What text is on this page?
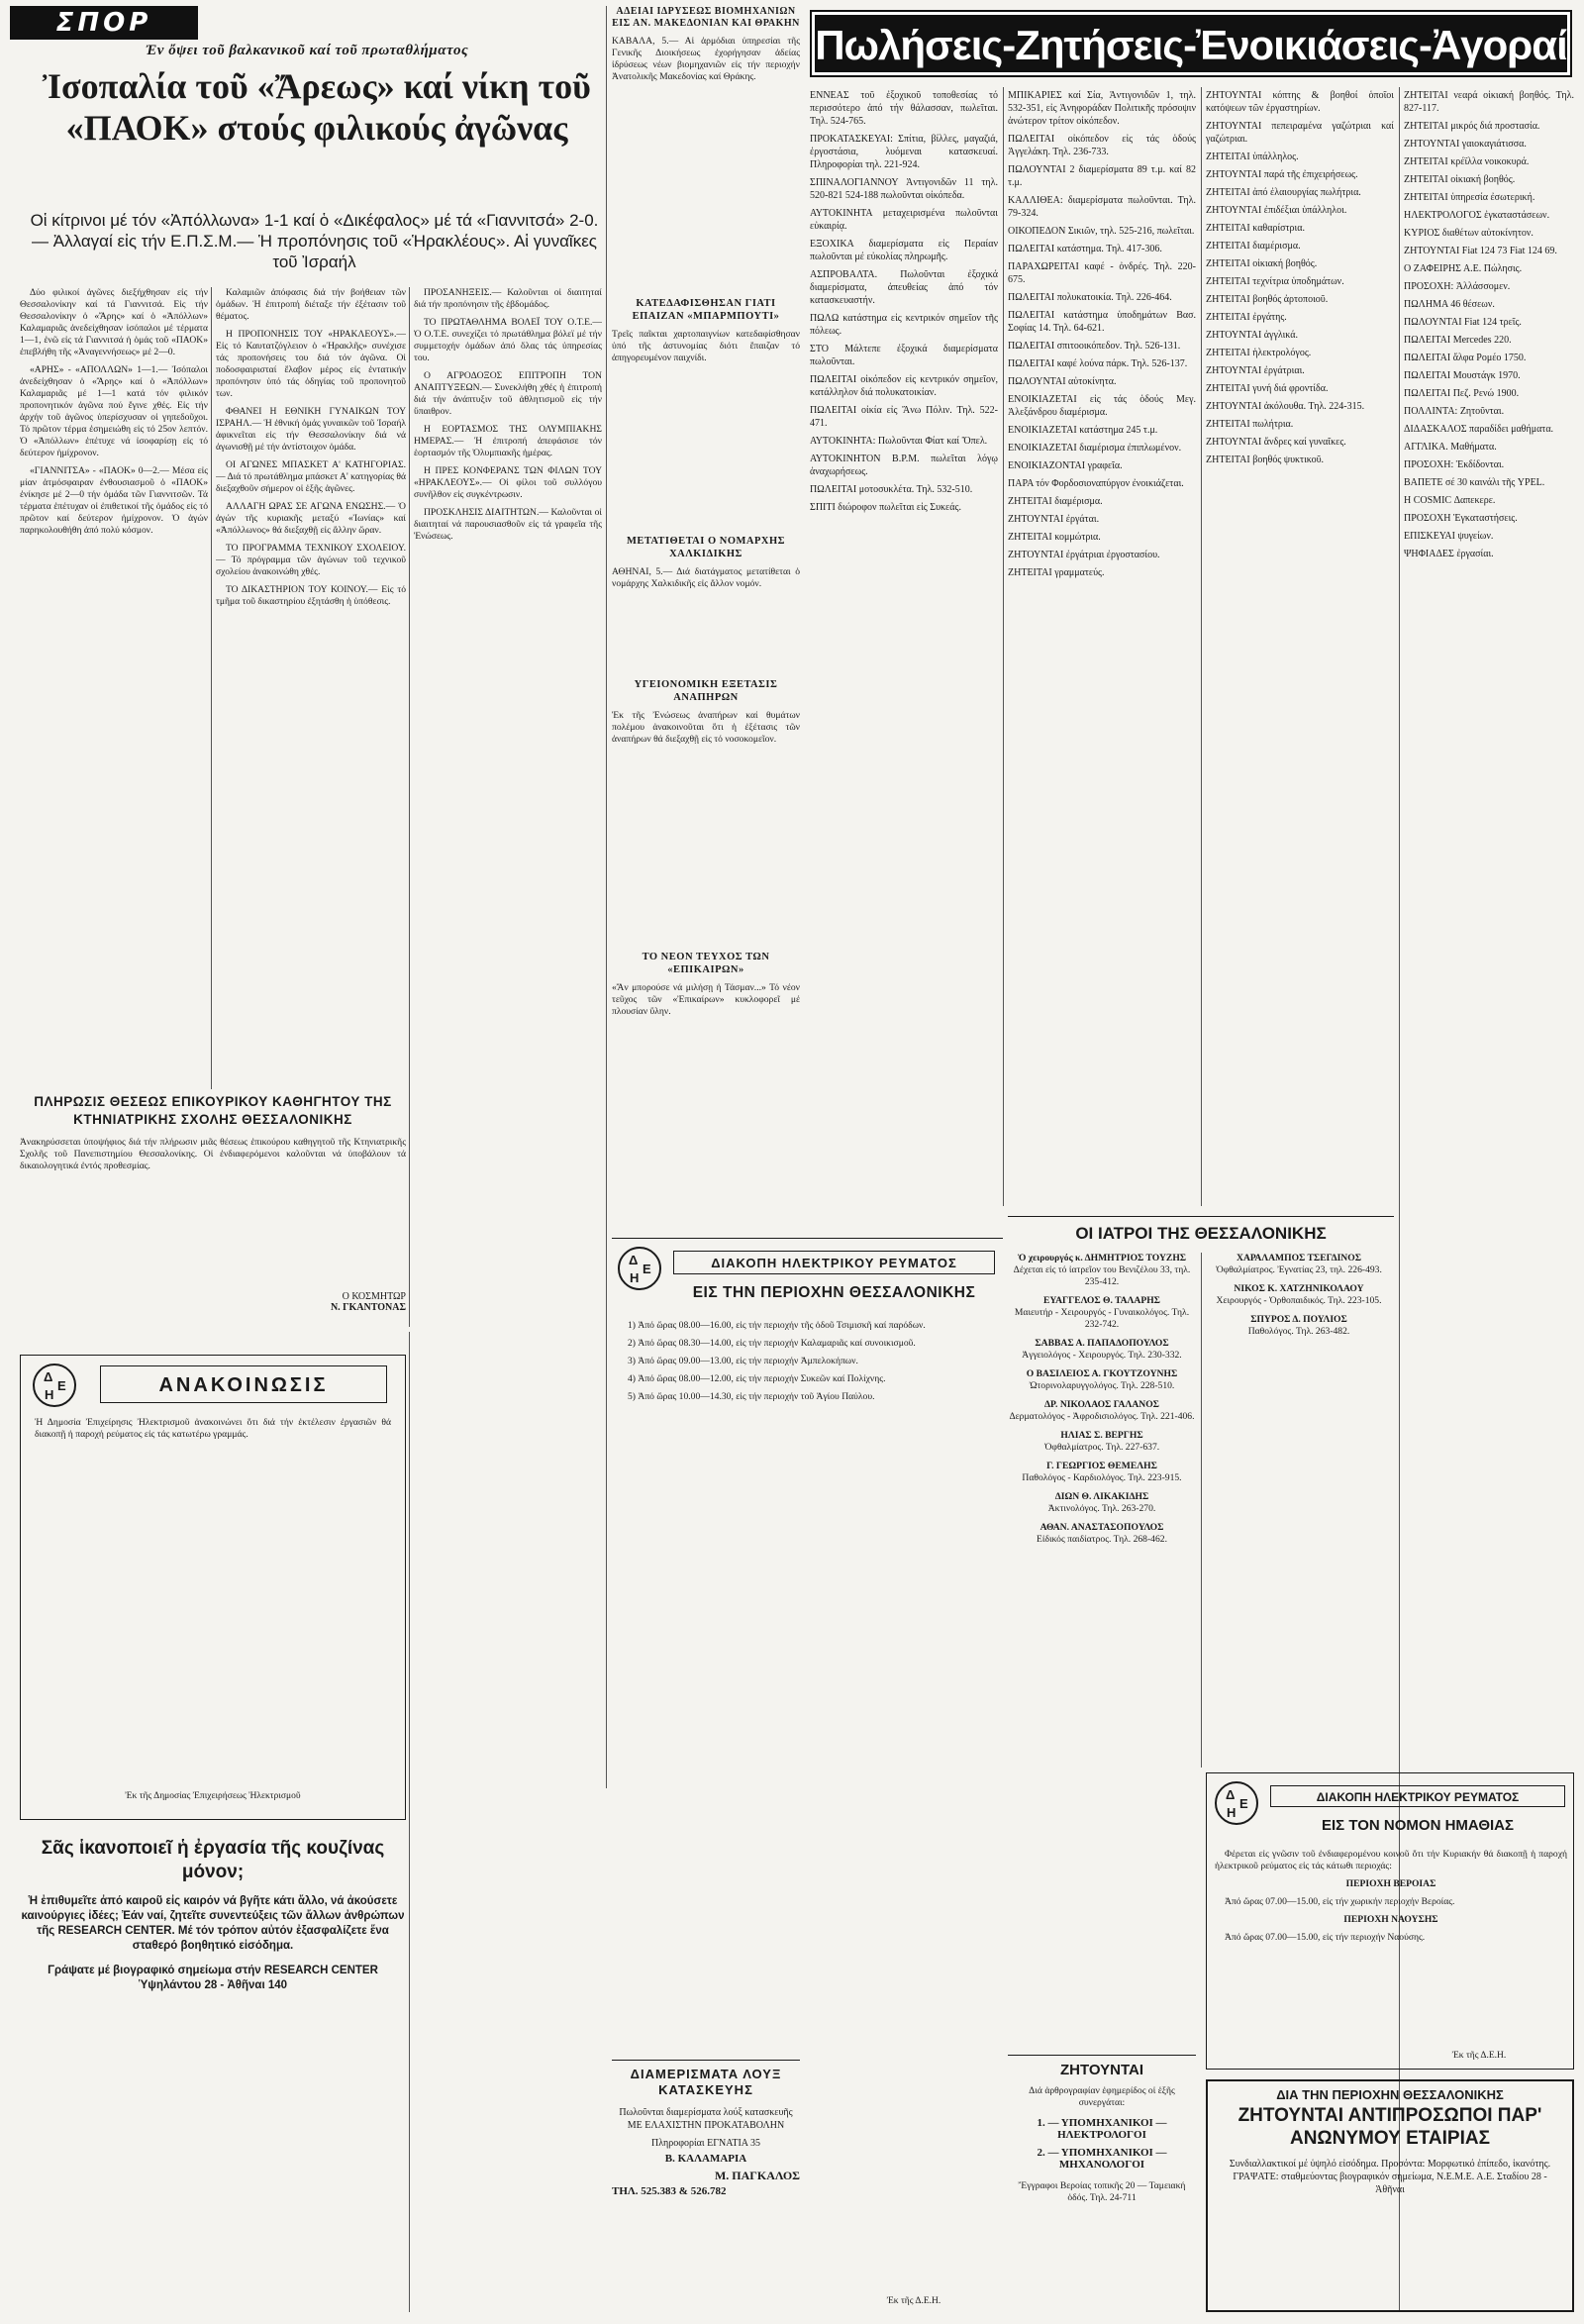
ΣΠΟΡ
Ἐν ὄψει τοῦ βαλκανικοῦ καί τοῦ πρωταθλήματος
Ἰσοπαλία τοῦ «Ἄρεως» καί νίκη τοῦ «ΠΑΟΚ» στούς φιλικούς ἀγῶνας
Οἱ κίτρινοι μέ τόν «Ἀπόλλωνα» 1-1 καί ὁ «Δικέφαλος» μέ τά «Γιαννιτσά» 2-0.— Ἀλλαγαί εἰς τήν Ε.Π.Σ.Μ.— Ἡ προπόνησις τοῦ «Ἡρακλέους». Αἱ γυναῖκες τοῦ Ἰσραήλ

Δύο φιλικοί ἀγῶνες διεξήχθησαν εἰς τήν Θεσσαλονίκην καί τά Γιαννιτσά. Εἰς τήν Θεσσαλονίκην ὁ «Ἄρης» καί ὁ «Ἀπόλλων» Καλαμαριᾶς ἀνεδείχθησαν ἰσόπαλοι μέ τέρματα 1—1, ἐνῶ εἰς τά Γιαννιτσά ἡ ὁμάς τοῦ «ΠΑΟΚ» ἐπεβλήθη τῆς «Ἀναγεννήσεως» μέ 2—0.

«ΑΡΗΣ» - «ΑΠΟΛΛΩΝ» 1—1.— Ἰσόπαλοι ἀνεδείχθησαν ὁ «Ἄρης» καί ὁ «Ἀπόλλων» Καλαμαριᾶς μέ 1—1 κατά τόν φιλικόν προπονητικόν ἀγῶνα πού ἔγινε χθές. Εἰς τήν ἀρχήν τοῦ ἀγῶνος ὑπερίσχυσαν οἱ γηπεδοῦχοι. Τό πρῶτον τέρμα ἐσημειώθη εἰς τό 25ον λεπτόν. Ὁ «Ἀπόλλων» ἐπέτυχε νά ἰσοφαρίσῃ εἰς τό δεύτερον ἡμίχρονον.

«ΓΙΑΝΝΙΤΣΑ» - «ΠΑΟΚ» 0—2.— Μέσα εἰς μίαν ἀτμόσφαιραν ἐνθουσιασμοῦ ὁ «ΠΑΟΚ» ἐνίκησε μέ 2—0 τήν ὁμάδα τῶν Γιαννιτσῶν. Τά τέρματα ἐπέτυχαν οἱ ἐπιθετικοί τῆς ὁμάδος εἰς τό πρῶτον καί δεύτερον ἡμίχρονον. Ὁ ἀγών παρηκολουθήθη ἀπό πολύ κόσμον.

Καλαμιῶν ἀπόφασις διά τήν βοήθειαν τῶν ὁμάδων. Ἡ ἐπιτροπή διέταξε τήν ἐξέτασιν τοῦ θέματος.

Η ΠΡΟΠΟΝΗΣΙΣ ΤΟΥ «ΗΡΑΚΛΕΟΥΣ».— Εἰς τό Καυτατζόγλειον ὁ «Ἡρακλῆς» συνέχισε τάς προπονήσεις του διά τόν ἀγῶνα. Οἱ ποδοσφαιρισταί ἔλαβον μέρος εἰς ἐντατικήν προπόνησιν ὑπό τάς ὁδηγίας τοῦ προπονητοῦ των.

ΦΘΑΝΕΙ Η ΕΘΝΙΚΗ ΓΥΝΑΙΚΩΝ ΤΟΥ ΙΣΡΑΗΛ.— Ἡ ἐθνική ὁμάς γυναικῶν τοῦ Ἰσραήλ ἀφικνεῖται εἰς τήν Θεσσαλονίκην διά νά ἀγωνισθῇ μέ τήν ἀντίστοιχον ὁμάδα.

ΟΙ ΑΓΩΝΕΣ ΜΠΑΣΚΕΤ Α' ΚΑΤΗΓΟΡΙΑΣ.— Διά τό πρωτάθλημα μπάσκετ Α' κατηγορίας θά διεξαχθοῦν σήμερον οἱ ἑξῆς ἀγῶνες.

ΑΛΛΑΓΗ ΩΡΑΣ ΣΕ ΑΓΩΝΑ ΕΝΩΣΗΣ.— Ὁ ἀγών τῆς κυριακῆς μεταξύ «Ἰωνίας» καί «Ἀπόλλωνος» θά διεξαχθῇ εἰς ἄλλην ὥραν.

ΤΟ ΠΡΟΓΡΑΜΜΑ ΤΕΧΝΙΚΟΥ ΣΧΟΛΕΙΟΥ.— Τό πρόγραμμα τῶν ἀγώνων τοῦ τεχνικοῦ σχολείου ἀνακοινώθη χθές.

ΤΟ ΔΙΚΑΣΤΗΡΙΟΝ ΤΟΥ ΚΟΙΝΟΥ.— Εἰς τό τμῆμα τοῦ δικαστηρίου ἐξητάσθη ἡ ὑπόθεσις.

ΠΡΟΣΑΝΗΞΕΙΣ.— Καλοῦνται οἱ διαιτηταί διά τήν προπόνησιν τῆς ἑβδομάδος.

ΤΟ ΠΡΩΤΑΘΛΗΜΑ ΒΟΛΕΪ ΤΟΥ Ο.Τ.Ε.— Ὁ Ο.Τ.Ε. συνεχίζει τό πρωτάθλημα βόλεϊ μέ τήν συμμετοχήν ὁμάδων ἀπό ὅλας τάς ὑπηρεσίας του.

Ο ΑΓΡΟΔΟΞΟΣ ΕΠΙΤΡΟΠΗ ΤΟΝ ΑΝΑΠΤΥΞΕΩΝ.— Συνεκλήθη χθές ἡ ἐπιτροπή διά τήν ἀνάπτυξιν τοῦ ἀθλητισμοῦ εἰς τήν ὕπαιθρον.

Η ΕΟΡΤΑΣΜΟΣ ΤΗΣ ΟΛΥΜΠΙΑΚΗΣ ΗΜΕΡΑΣ.— Ἡ ἐπιτροπή ἀπεφάσισε τόν ἑορτασμόν τῆς Ὀλυμπιακῆς ἡμέρας.

Η ΠΡΕΣ ΚΟΝΦΕΡΑΝΣ ΤΩΝ ΦΙΛΩΝ ΤΟΥ «ΗΡΑΚΛΕΟΥΣ».— Οἱ φίλοι τοῦ συλλόγου συνῆλθον εἰς συγκέντρωσιν.

ΠΡΟΣΚΛΗΣΙΣ ΔΙΑΙΤΗΤΩΝ.— Καλοῦνται οἱ διαιτηταί νά παρουσιασθοῦν εἰς τά γραφεῖα τῆς Ἐνώσεως.

ΠΛΗΡΩΣΙΣ ΘΕΣΕΩΣ ΕΠΙΚΟΥΡΙΚΟΥ ΚΑΘΗΓΗΤΟΥ ΤΗΣ ΚΤΗΝΙΑΤΡΙΚΗΣ ΣΧΟΛΗΣ ΘΕΣΣΑΛΟΝΙΚΗΣ
Ἀνακηρύσσεται ὑποψήφιος διά τήν πλήρωσιν μιᾶς θέσεως ἐπικούρου καθηγητοῦ τῆς Κτηνιατρικῆς Σχολῆς τοῦ Πανεπιστημίου Θεσσαλονίκης. Οἱ ἐνδιαφερόμενοι καλοῦνται νά ὑποβάλουν τά δικαιολογητικά ἐντός προθεσμίας.
Ο ΚΟΣΜΗΤΩΡ
Ν. ΓΚΑΝΤΟΝΑΣ
Δ
Ε
Η	ΑΝΑΚΟΙΝΩΣΙΣ
Ἡ Δημοσία Ἐπιχείρησις Ἠλεκτρισμοῦ ἀνακοινώνει ὅτι διά τήν ἐκτέλεσιν ἐργασιῶν θά διακοπῇ ἡ παροχή ρεύματος εἰς τάς κατωτέρω γραμμάς.
Ἐκ τῆς Δημοσίας Ἐπιχειρήσεως Ἠλεκτρισμοῦ
Σᾶς ἱκανοποιεῖ ἡ ἐργασία τῆς κουζίνας μόνον;
Ἡ ἐπιθυμεῖτε ἀπό καιροῦ εἰς καιρόν νά βγῆτε κάτι ἄλλο, νά ἀκούσετε καινούργιες ἰδέες; Ἐάν ναί, ζητεῖτε συνεντεύξεις τῶν ἄλλων ἀνθρώπων τῆς RESEARCH CENTER. Μέ τόν τρόπον αὐτόν ἐξασφαλίζετε ἕνα σταθερό βοηθητικό εἰσόδημα.
Γράψατε μέ βιογραφικό σημείωμα στήν RESEARCH CENTER Ὑψηλάντου 28 - Ἀθῆναι 140
ΑΔΕΙΑΙ ΙΔΡΥΣΕΩΣ ΒΙΟΜΗΧΑΝΙΩΝ ΕΙΣ ΑΝ. ΜΑΚΕΔΟΝΙΑΝ ΚΑΙ ΘΡΑΚΗΝ
ΚΑΒΑΛΑ, 5.— Αἱ ἁρμόδιαι ὑπηρεσίαι τῆς Γενικῆς Διοικήσεως ἐχορήγησαν ἀδείας ἱδρύσεως νέων βιομηχανιῶν εἰς τήν περιοχήν Ἀνατολικῆς Μακεδονίας καί Θράκης.
ΚΑΤΕΔΑΦΙΣΘΗΣΑΝ ΓΙΑΤΙ ΕΠΑΙΖΑΝ «ΜΠΑΡΜΠΟΥΤΙ»
Τρεῖς παῖκται χαρτοπαιγνίων κατεδαφίσθησαν ὑπό τῆς ἀστυνομίας διότι ἔπαιζαν τό ἀπηγορευμένον παιχνίδι.
ΜΕΤΑΤΙΘΕΤΑΙ Ο ΝΟΜΑΡΧΗΣ ΧΑΛΚΙΔΙΚΗΣ
ΑΘΗΝΑΙ, 5.— Διά διατάγματος μετατίθεται ὁ νομάρχης Χαλκιδικῆς εἰς ἄλλον νομόν.
ΥΓΕΙΟΝΟΜΙΚΗ ΕΞΕΤΑΣΙΣ ΑΝΑΠΗΡΩΝ
Ἐκ τῆς Ἐνώσεως ἀναπήρων καί θυμάτων πολέμου ἀνακοινοῦται ὅτι ἡ ἐξέτασις τῶν ἀναπήρων θά διεξαχθῇ εἰς τό νοσοκομεῖον.
ΤΟ ΝΕΟΝ ΤΕΥΧΟΣ ΤΩΝ «ΕΠΙΚΑΙΡΩΝ»
«Ἄν μπορούσε νά μιλήσῃ ἡ Τάσμαν...» Τό νέον τεῦχος τῶν «Ἐπικαίρων» κυκλοφορεῖ μέ πλουσίαν ὕλην.
Δ
Ε
Η
ΔΙΑΚΟΠΗ ΗΛΕΚΤΡΙΚΟΥ ΡΕΥΜΑΤΟΣ
ΕΙΣ ΤΗΝ ΠΕΡΙΟΧΗΝ ΘΕΣΣΑΛΟΝΙΚΗΣ

1) Ἀπό ὥρας 08.00—16.00, εἰς τήν περιοχήν τῆς ὁδοῦ Τσιμισκῆ καί παρόδων.

2) Ἀπό ὥρας 08.30—14.00, εἰς τήν περιοχήν Καλαμαριᾶς καί συνοικισμοῦ.

3) Ἀπό ὥρας 09.00—13.00, εἰς τήν περιοχήν Ἀμπελοκήπων.

4) Ἀπό ὥρας 08.00—12.00, εἰς τήν περιοχήν Συκεῶν καί Πολίχνης.

5) Ἀπό ὥρας 10.00—14.30, εἰς τήν περιοχήν τοῦ Ἁγίου Παύλου.

Ἐκ τῆς Δ.Ε.Η.
ΔΙΑΜΕΡΙΣΜΑΤΑ ΛΟΥΞ ΚΑΤΑΣΚΕΥΗΣ
Πωλοῦνται διαμερίσματα λούξ κατασκευῆς ΜΕ ΕΛΑΧΙΣΤΗΝ ΠΡΟΚΑΤΑΒΟΛΗΝ
Πληροφορίαι ΕΓΝΑΤΙΑ 35
Β. ΚΑΛΑΜΑΡΙΑ
Μ. ΠΑΓΚΑΛΟΣ
ΤΗΛ. 525.383 & 526.782
Πωλήσεις-Ζητήσεις-Ἐνοικιάσεις-Ἀγοραί
ΕΝΝΕΑΣ τοῦ ἐξοχικοῦ τοποθεσίας τό περισσότερο ἀπό τήν θάλασσαν, πωλεῖται. Τηλ. 524-765.
ΠΡΟΚΑΤΑΣΚΕΥΑΙ: Σπίτια, βίλλες, μαγαζιά, ἐργοστάσια, λυόμεναι κατασκευαί. Πληροφορίαι τηλ. 221-924.
ΣΠΙΝΑΛΟΓΙΑΝΝΟΥ Ἀντιγονιδῶν 11 τηλ. 520-821 524-188 πωλοῦνται οἰκόπεδα.
ΑΥΤΟΚΙΝΗΤΑ μεταχειρισμένα πωλοῦνται εὐκαιρίᾳ.
ΕΞΟΧΙΚΑ διαμερίσματα εἰς Περαίαν πωλοῦνται μέ εὐκολίας πληρωμῆς.
ΑΣΠΡΟΒΑΛΤΑ. Πωλοῦνται ἐξοχικά διαμερίσματα, ἀπευθείας ἀπό τόν κατασκευαστήν.
ΠΩΛΩ κατάστημα εἰς κεντρικόν σημεῖον τῆς πόλεως.
ΣΤΟ Μάλτεπε ἐξοχικά διαμερίσματα πωλοῦνται.
ΠΩΛΕΙΤΑΙ οἰκόπεδον εἰς κεντρικόν σημεῖον, κατάλληλον διά πολυκατοικίαν.
ΠΩΛΕΙΤΑΙ οἰκία εἰς Ἄνω Πόλιν. Τηλ. 522-471.
ΑΥΤΟΚΙΝΗΤΑ: Πωλοῦνται Φίατ καί Ὄπελ.
ΑΥΤΟΚΙΝΗΤΟΝ Β.Ρ.Μ. πωλεῖται λόγῳ ἀναχωρήσεως.
ΠΩΛΕΙΤΑΙ μοτοσυκλέτα. Τηλ. 532-510.
ΣΠΙΤΙ διώροφον πωλεῖται εἰς Συκεάς.
ΜΠΙΚΑΡΙΕΣ καί Σία, Ἀντιγονιδῶν 1, τηλ. 532-351, εἰς Ἀνηφοράδαν Πολιτικῆς πρόσοψιν ἀνώτερον τρίτον οἰκόπεδον.
ΠΩΛΕΙΤΑΙ οἰκόπεδον εἰς τάς ὁδούς Ἀγγελάκη. Τηλ. 236-733.
ΠΩΛΟΥΝΤΑΙ 2 διαμερίσματα 89 τ.μ. καί 82 τ.μ.
ΚΑΛΛΙΘΕΑ: διαμερίσματα πωλοῦνται. Τηλ. 79-324.
ΟΙΚΟΠΕΔΟΝ Σικιῶν, τηλ. 525-216, πωλεῖται.
ΠΩΛΕΙΤΑΙ κατάστημα. Τηλ. 417-306.
ΠΑΡΑΧΩΡΕΙΤΑΙ καφέ - ὀνδρές. Τηλ. 220-675.
ΠΩΛΕΙΤΑΙ πολυκατοικία. Τηλ. 226-464.
ΠΩΛΕΙΤΑΙ κατάστημα ὑποδημάτων Βασ. Σοφίας 14. Τηλ. 64-621.
ΠΩΛΕΙΤΑΙ σπιτοοικόπεδον. Τηλ. 526-131.
ΠΩΛΕΙΤΑΙ καφέ λούνα πάρκ. Τηλ. 526-137.
ΠΩΛΟΥΝΤΑΙ αὐτοκίνητα.
ΕΝΟΙΚΙΑΖΕΤΑΙ εἰς τάς ὁδούς Μεγ. Ἀλεξάνδρου διαμέρισμα.
ΕΝΟΙΚΙΑΖΕΤΑΙ κατάστημα 245 τ.μ.
ΕΝΟΙΚΙΑΖΕΤΑΙ διαμέρισμα ἐπιπλωμένον.
ΕΝΟΙΚΙΑΖΟΝΤΑΙ γραφεῖα.
ΠΑΡΑ τόν Φορδοσιοναπύργον ἐνοικιάζεται.
ΖΗΤΕΙΤΑΙ διαμέρισμα.
ΖΗΤΟΥΝΤΑΙ ἐργάται.
ΖΗΤΕΙΤΑΙ κομμώτρια.
ΖΗΤΟΥΝΤΑΙ ἐργάτριαι ἐργοστασίου.
ΖΗΤΕΙΤΑΙ γραμματεύς.
ΖΗΤΟΥΝΤΑΙ κόπτης & βοηθοί ὁποῖοι κατόψεων τῶν ἐργαστηρίων.
ΖΗΤΟΥΝΤΑΙ πεπειραμένα γαζώτριαι καί γαζώτριαι.
ΖΗΤΕΙΤΑΙ ὑπάλληλος.
ΖΗΤΟΥΝΤΑΙ παρά τῆς ἐπιχειρήσεως.
ΖΗΤΕΙΤΑΙ ἀπό ἐλαιουργίας πωλήτρια.
ΖΗΤΟΥΝΤΑΙ ἐπιδέξιαι ὑπάλληλοι.
ΖΗΤΕΙΤΑΙ καθαρίστρια.
ΖΗΤΕΙΤΑΙ διαμέρισμα.
ΖΗΤΕΙΤΑΙ οἰκιακή βοηθός.
ΖΗΤΕΙΤΑΙ τεχνίτρια ὑποδημάτων.
ΖΗΤΕΙΤΑΙ βοηθός ἀρτοποιοῦ.
ΖΗΤΕΙΤΑΙ ἐργάτης.
ΖΗΤΟΥΝΤΑΙ ἀγγλικά.
ΖΗΤΕΙΤΑΙ ἡλεκτρολόγος.
ΖΗΤΟΥΝΤΑΙ ἐργάτριαι.
ΖΗΤΕΙΤΑΙ γυνή διά φροντίδα.
ΖΗΤΟΥΝΤΑΙ ἀκόλουθα. Τηλ. 224-315.
ΖΗΤΕΙΤΑΙ πωλήτρια.
ΖΗΤΟΥΝΤΑΙ ἄνδρες καί γυναῖκες.
ΖΗΤΕΙΤΑΙ βοηθός ψυκτικοῦ.
ΖΗΤΕΙΤΑΙ νεαρά οἰκιακή βοηθός. Τηλ. 827-117.
ΖΗΤΕΙΤΑΙ μικρός διά προστασία.
ΖΗΤΟΥΝΤΑΙ γαιοκαγιάτισσα.
ΖΗΤΕΙΤΑΙ κρέϊλλα νοικοκυρά.
ΖΗΤΕΙΤΑΙ οἰκιακή βοηθός.
ΖΗΤΕΙΤΑΙ ὑπηρεσία ἐσωτερική.
ΗΛΕΚΤΡΟΛΟΓΟΣ ἐγκαταστάσεων.
ΚΥΡΙΟΣ διαθέτων αὐτοκίνητον.
ΖΗΤΟΥΝΤΑΙ Fiat 124 73 Fiat 124 69.
Ο ΖΑΦΕΙΡΗΣ Α.Ε. Πώλησις.
ΠΡΟΣΟΧΗ: Ἀλλάσσομεν.
ΠΩΛΗΜΑ 46 θέσεων.
ΠΩΛΟΥΝΤΑΙ Fiat 124 τρεῖς.
ΠΩΛΕΙΤΑΙ Mercedes 220.
ΠΩΛΕΙΤΑΙ ἄλφα Ρομέο 1750.
ΠΩΛΕΙΤΑΙ Μουστάγκ 1970.
ΠΩΛΕΙΤΑΙ Πεζ. Ρενώ 1900.
ΠΟΛΛΙΝΤΑ: Ζητοῦνται.
ΔΙΔΑΣΚΑΛΟΣ παραδίδει μαθήματα.
ΑΓΓΛΙΚΑ. Μαθήματα.
ΠΡΟΣΟΧΗ: Ἐκδίδονται.
ΒΑΠΕΤΕ σέ 30 καινάλι τῆς YPEL.
Η COSMIC Δαπεκερε.
ΠΡΟΣΟΧΗ Ἐγκαταστήσεις.
ΕΠΙΣΚΕΥΑΙ ψυγείων.
ΨΗΦΙΑΔΕΣ ἐργασίαι.
ΟΙ ΙΑΤΡΟΙ ΤΗΣ ΘΕΣΣΑΛΟΝΙΚΗΣ
Ὁ χειρουργός κ. ΔΗΜΗΤΡΙΟΣ ΤΟΥΖΗΣ
Δέχεται εἰς τό ἰατρεῖον του Βενιζέλου 33, τηλ. 235-412.
ΕΥΑΓΓΕΛΟΣ Θ. ΤΑΛΑΡΗΣ
Μαιευτήρ - Χειρουργός - Γυναικολόγος. Τηλ. 232-742.
ΣΑΒΒΑΣ Α. ΠΑΠΑΔΟΠΟΥΛΟΣ
Ἀγγειολόγος - Χειρουργός. Τηλ. 230-332.
Ο ΒΑΣΙΛΕΙΟΣ Α. ΓΚΟΥΤΖΟΥΝΗΣ
Ὠτορινολαρυγγολόγος. Τηλ. 228-510.
ΔΡ. ΝΙΚΟΛΑΟΣ ΓΑΛΑΝΟΣ
Δερματολόγος - Ἀφροδισιολόγος. Τηλ. 221-406.
ΗΛΙΑΣ Σ. ΒΕΡΓΗΣ
Ὀφθαλμίατρος. Τηλ. 227-637.
Γ. ΓΕΩΡΓΙΟΣ ΘΕΜΕΛΗΣ
Παθολόγος - Καρδιολόγος. Τηλ. 223-915.
ΔΙΩΝ Θ. ΛΙΚΑΚΙΔΗΣ
Ἀκτινολόγος. Τηλ. 263-270.
ΑΘΑΝ. ΑΝΑΣΤΑΣΟΠΟΥΛΟΣ
Εἰδικός παιδίατρος. Τηλ. 268-462.
ΧΑΡΑΛΑΜΠΟΣ ΤΣΕΓΔΙΝΟΣ
Ὀφθαλμίατρος. Ἐγνατίας 23, τηλ. 226-493.
ΝΙΚΟΣ Κ. ΧΑΤΖΗΝΙΚΟΛΑΟΥ
Χειρουργός - Ὀρθοπαιδικός. Τηλ. 223-105.
ΣΠΥΡΟΣ Δ. ΠΟΥΛΙΟΣ
Παθολόγος. Τηλ. 263-482.
ΖΗΤΟΥΝΤΑΙ
Διά ἀρθρογραφίαν ἐφημερίδος οἱ ἑξῆς συνεργάται:
1. — ΥΠΟΜΗΧΑΝΙΚΟΙ — ΗΛΕΚΤΡΟΛΟΓΟΙ
2. — ΥΠΟΜΗΧΑΝΙΚΟΙ — ΜΗΧΑΝΟΛΟΓΟΙ
Ἔγγραφοι Βεροίας τοπικῆς 20 — Ταμειακή ὁδός. Τηλ. 24-711
Δ
Ε
Η
ΔΙΑΚΟΠΗ ΗΛΕΚΤΡΙΚΟΥ ΡΕΥΜΑΤΟΣ
ΕΙΣ ΤΟΝ ΝΟΜΟΝ ΗΜΑΘΙΑΣ

Φέρεται εἰς γνῶσιν τοῦ ἐνδιαφερομένου κοινοῦ ὅτι τήν Κυριακήν θά διακοπῇ ἡ παροχή ἠλεκτρικοῦ ρεύματος εἰς τάς κάτωθι περιοχάς:

ΠΕΡΙΟΧΗ ΒΕΡΟΙΑΣ

Ἀπό ὥρας 07.00—15.00, εἰς τήν χωρικήν περιοχήν Βεροίας.

ΠΕΡΙΟΧΗ ΝΑΟΥΣΗΣ

Ἀπό ὥρας 07.00—15.00, εἰς τήν περιοχήν Ναούσης.

Ἐκ τῆς Δ.Ε.Η.
ΔΙΑ ΤΗΝ ΠΕΡΙΟΧΗΝ ΘΕΣΣΑΛΟΝΙΚΗΣ
ΖΗΤΟΥΝΤΑΙ ΑΝΤΙΠΡΟΣΩΠΟΙ ΠΑΡ' ΑΝΩΝΥΜΟΥ ΕΤΑΙΡΙΑΣ
Συνδιαλλακτικοί μέ ὑψηλό εἰσόδημα. Προσόντα: Μορφωτικό ἐπίπεδο, ἱκανότης. ΓΡΑΨΑΤΕ: σταθμεύοντας βιογραφικόν σημείωμα, Ν.Ε.Μ.Ε. Α.Ε. Σταδίου 28 - Ἀθῆναι
